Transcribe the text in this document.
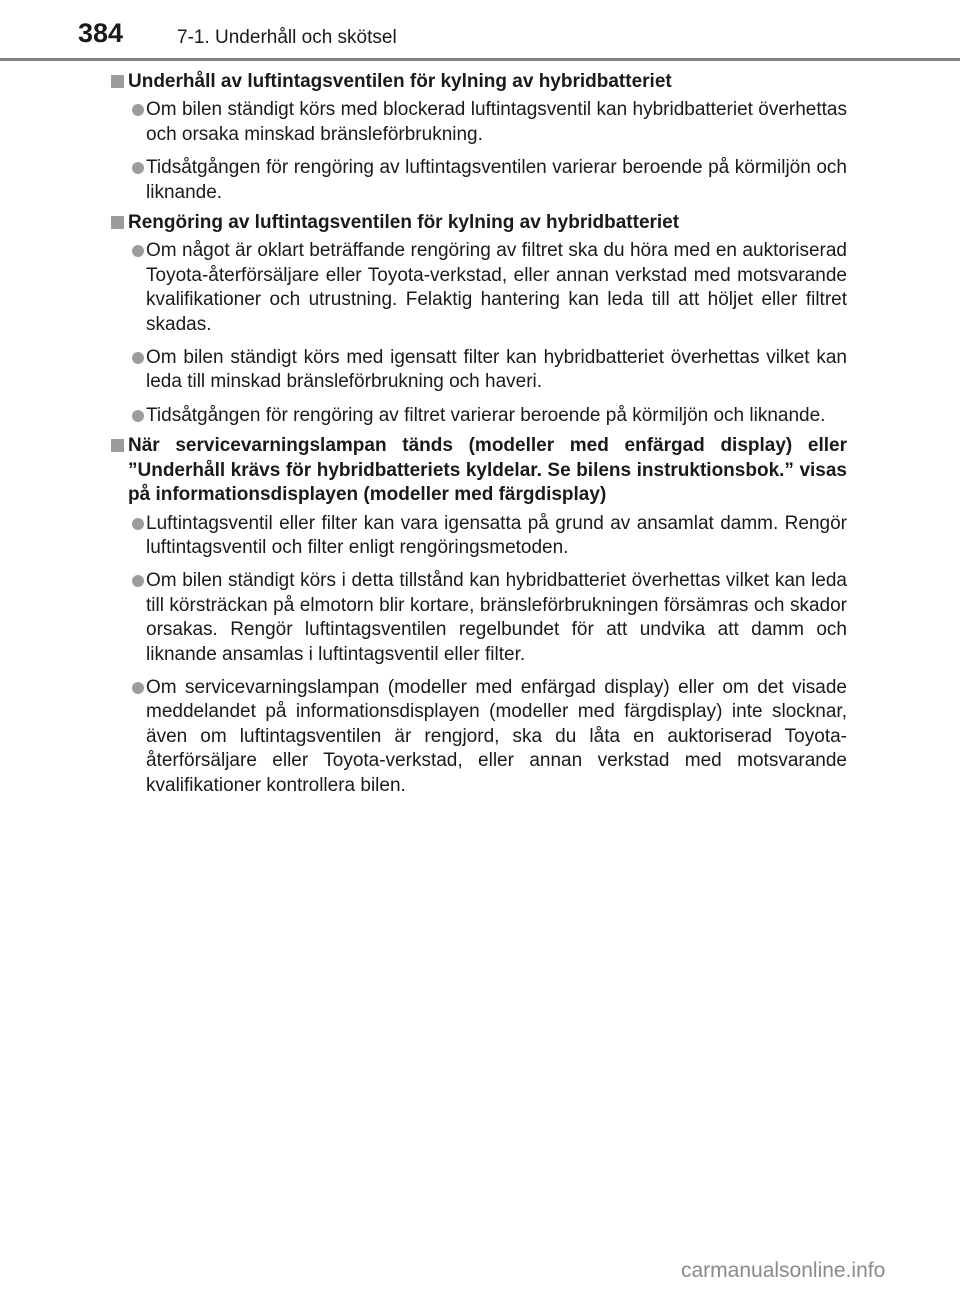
384	7-1. Underhåll och skötsel
Underhåll av luftintagsventilen för kylning av hybridbatteriet
Om bilen ständigt körs med blockerad luftintagsventil kan hybridbatteriet överhettas och orsaka minskad bränsleförbrukning.
Tidsåtgången för rengöring av luftintagsventilen varierar beroende på körmiljön och liknande.
Rengöring av luftintagsventilen för kylning av hybridbatteriet
Om något är oklart beträffande rengöring av filtret ska du höra med en auktoriserad Toyota-återförsäljare eller Toyota-verkstad, eller annan verkstad med motsvarande kvalifikationer och utrustning. Felaktig hantering kan leda till att höljet eller filtret skadas.
Om bilen ständigt körs med igensatt filter kan hybridbatteriet överhettas vilket kan leda till minskad bränsleförbrukning och haveri.
Tidsåtgången för rengöring av filtret varierar beroende på körmiljön och liknande.
När servicevarningslampan tänds (modeller med enfärgad display) eller ”Underhåll krävs för hybridbatteriets kyldelar. Se bilens instruktionsbok.” visas på informationsdisplayen (modeller med färgdisplay)
Luftintagsventil eller filter kan vara igensatta på grund av ansamlat damm. Rengör luftintagsventil och filter enligt rengöringsmetoden.
Om bilen ständigt körs i detta tillstånd kan hybridbatteriet överhettas vilket kan leda till körsträckan på elmotorn blir kortare, bränsleförbrukningen försämras och skador orsakas. Rengör luftintagsventilen regelbundet för att undvika att damm och liknande ansamlas i luftintagsventil eller filter.
Om servicevarningslampan (modeller med enfärgad display) eller om det visade meddelandet på informationsdisplayen (modeller med färgdisplay) inte slocknar, även om luftintagsventilen är rengjord, ska du låta en auktoriserad Toyota-återförsäljare eller Toyota-verkstad, eller annan verkstad med motsvarande kvalifikationer kontrollera bilen.
carmanualsonline.info
